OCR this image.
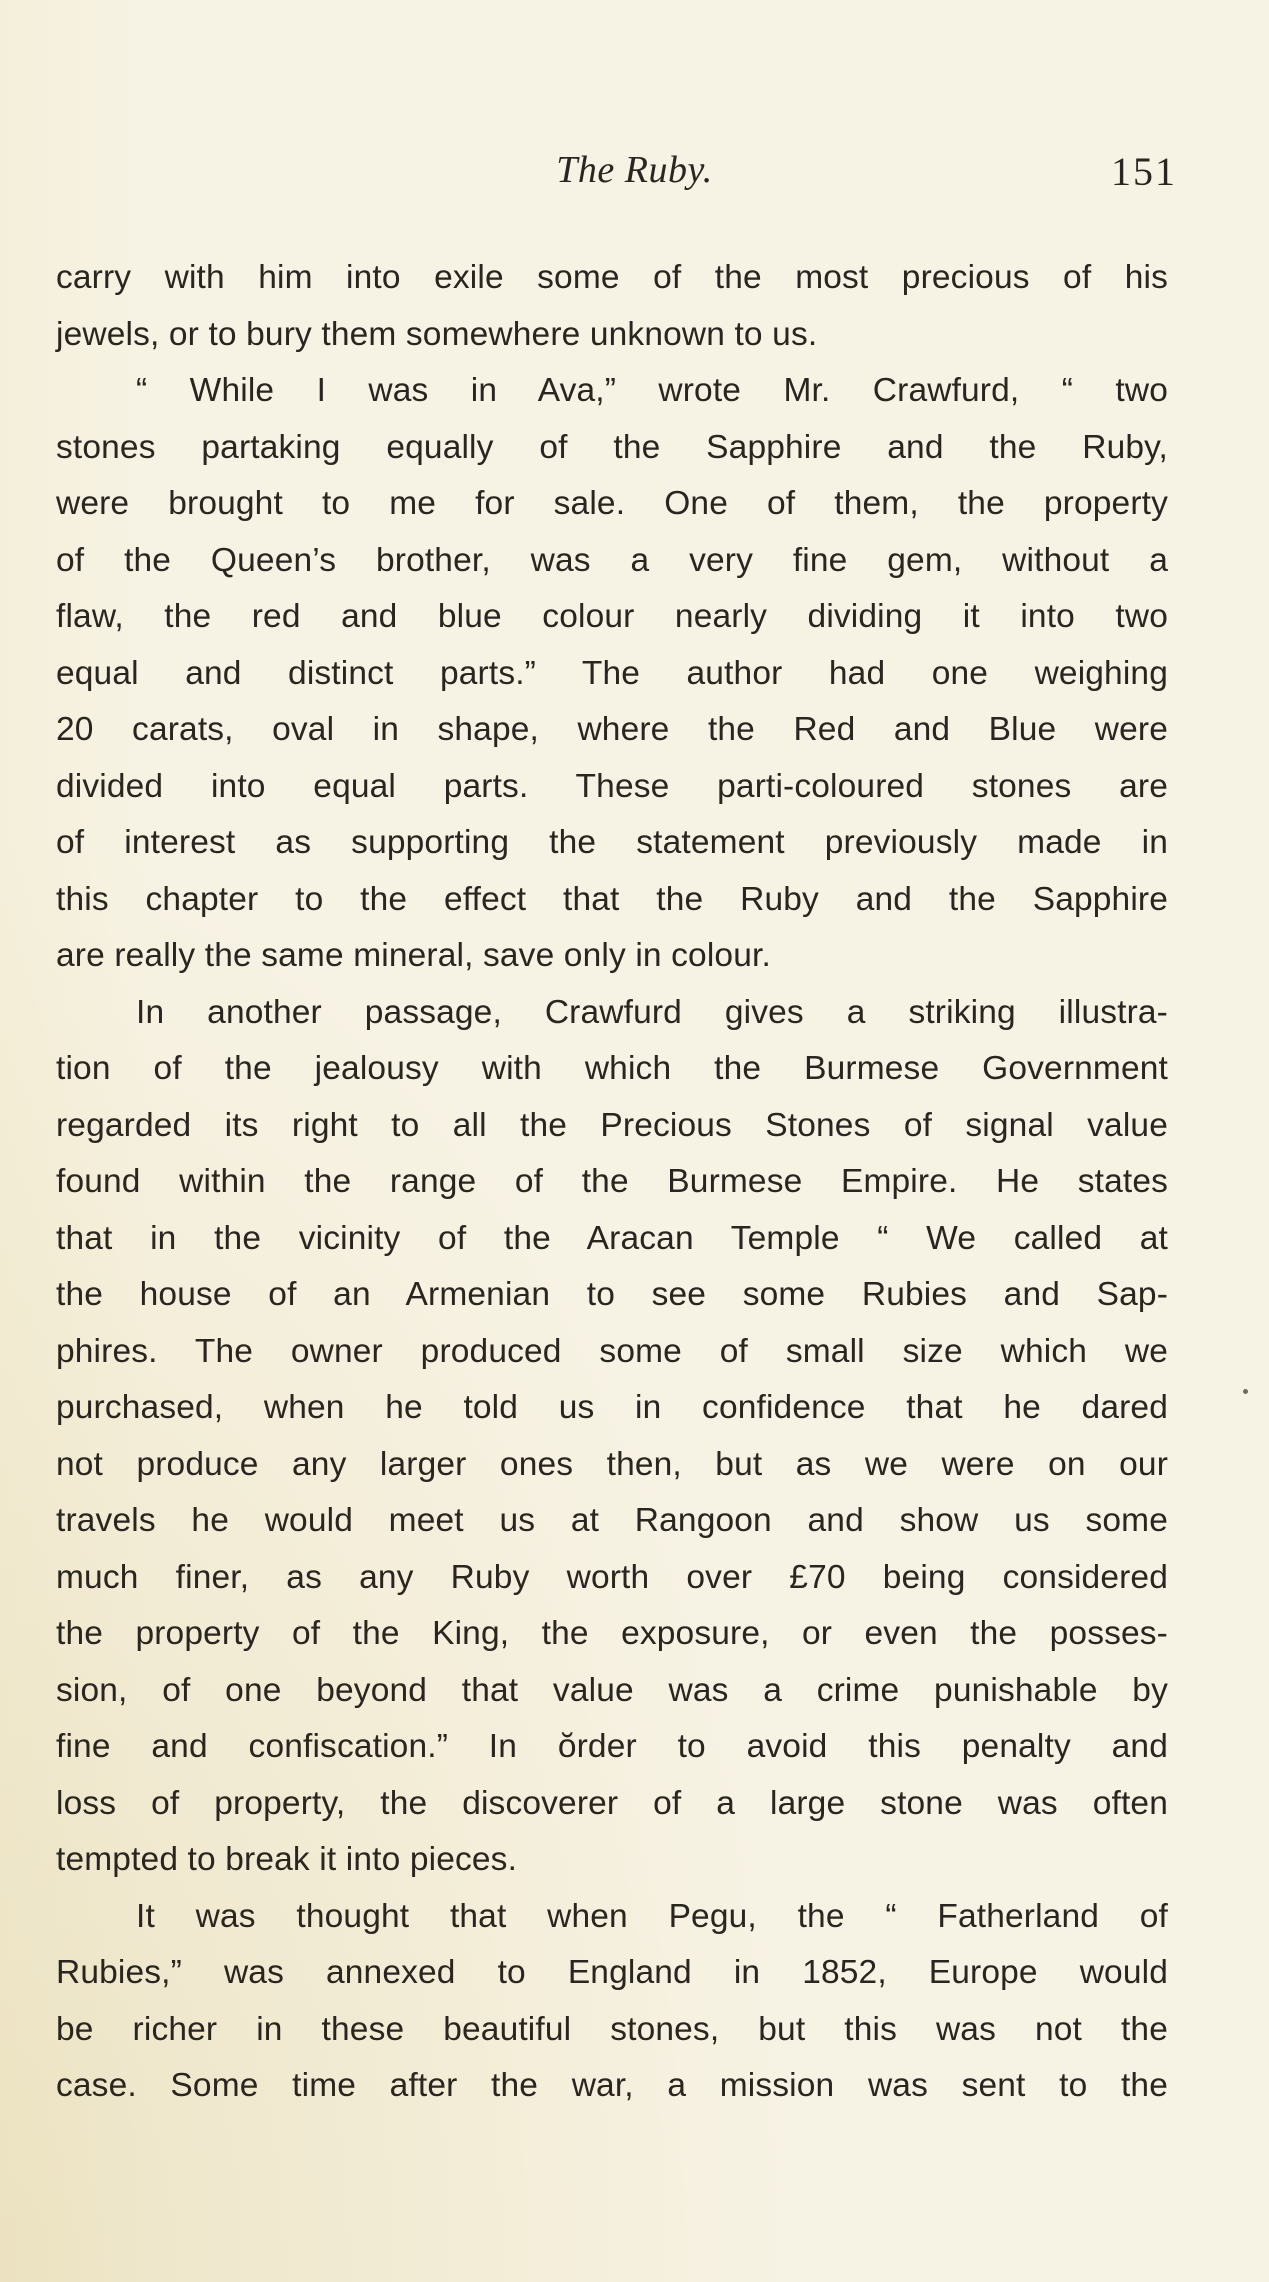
The Ruby.	151
carry with him into exile some of the most precious of his
jewels, or to bury them somewhere unknown to us.
“ While I was in Ava,” wrote Mr. Crawfurd, “ two
stones partaking equally of the Sapphire and the Ruby,
were brought to me for sale. One of them, the property
of the Queen’s brother, was a very fine gem, without a
flaw, the red and blue colour nearly dividing it into two
equal and distinct parts.” The author had one weighing
20 carats, oval in shape, where the Red and Blue were
divided into equal parts. These parti-coloured stones are
of interest as supporting the statement previously made in
this chapter to the effect that the Ruby and the Sapphire
are really the same mineral, save only in colour.
In another passage, Crawfurd gives a striking illustra-
tion of the jealousy with which the Burmese Government
regarded its right to all the Precious Stones of signal value
found within the range of the Burmese Empire. He states
that in the vicinity of the Aracan Temple “ We called at
the house of an Armenian to see some Rubies and Sap-
phires. The owner produced some of small size which we
purchased, when he told us in confidence that he dared
not produce any larger ones then, but as we were on our
travels he would meet us at Rangoon and show us some
much finer, as any Ruby worth over £70 being considered
the property of the King, the exposure, or even the posses-
sion, of one beyond that value was a crime punishable by
fine and confiscation.” In ŏrder to avoid this penalty and
loss of property, the discoverer of a large stone was often
tempted to break it into pieces.
It was thought that when Pegu, the “ Fatherland of
Rubies,” was annexed to England in 1852, Europe would
be richer in these beautiful stones, but this was not the
case. Some time after the war, a mission was sent to the
